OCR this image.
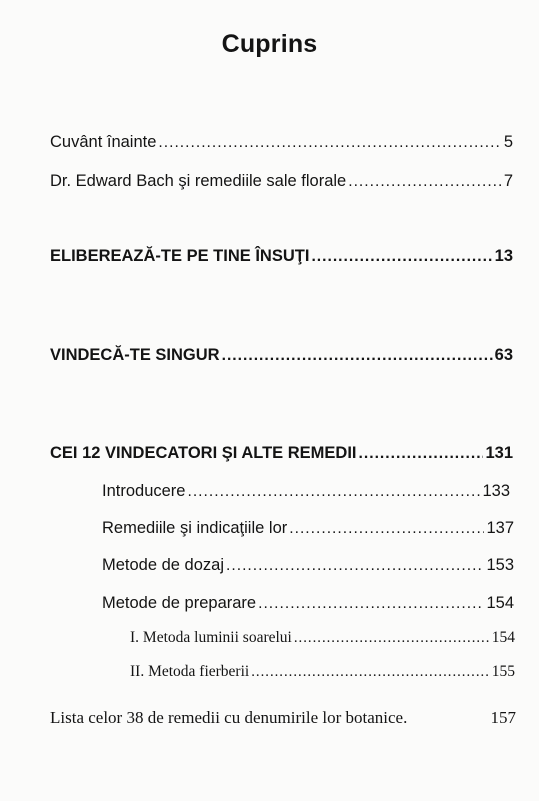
Cuprins
Cuvânt înainte .....	5
Dr. Edward Bach şi remediile sale florale .....	7
ELIBEREAZĂ-TE PE TINE ÎNSUŢI .....	13
VINDECĂ-TE SINGUR .....	63
CEI 12 VINDECATORI ŞI ALTE REMEDII .....	131
Introducere .....	133
Remediile şi indicaţiile lor .....	137
Metode de dozaj .....	153
Metode de preparare .....	154
I. Metoda luminii soarelui .....	154
II. Metoda fierberii .....	155
Lista celor 38 de remedii cu denumirile lor botanice.	157
